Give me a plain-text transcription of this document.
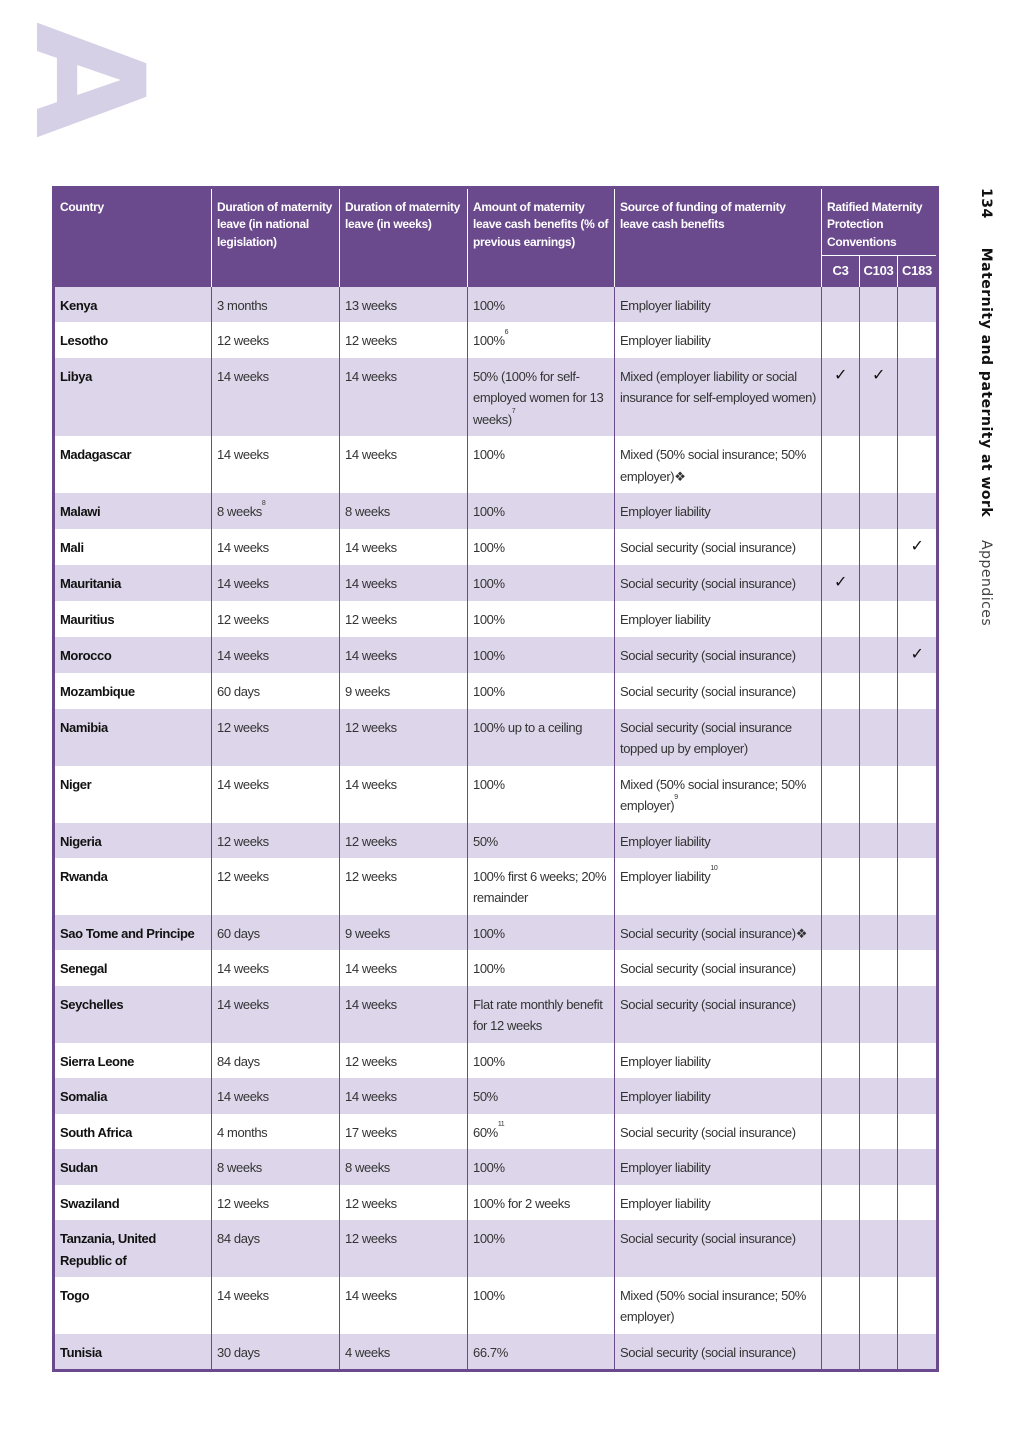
A
134 Maternity and paternity at work Appendices
Country	Duration of maternity leave (in national legislation)	Duration of maternity leave (in weeks)	Amount of maternity leave cash benefits (% of previous earnings)	Source of funding of maternity leave cash benefits	Ratified Maternity Protection Conventions		
					C3	C103	C183
Kenya	3 months	13 weeks	100%	Employer liability			
Lesotho	12 weeks	12 weeks	100%$^6$	Employer liability			
Libya	14 weeks	14 weeks	50% (100% for self-employed women for 13 weeks)$^7$	Mixed (employer liability or social insurance for self-employed women)	✓	✓	
Madagascar	14 weeks	14 weeks	100%	Mixed (50% social insurance; 50% employer)❖			
Malawi	8 weeks$^8$	8 weeks	100%	Employer liability			
Mali	14 weeks	14 weeks	100%	Social security (social insurance)			✓
Mauritania	14 weeks	14 weeks	100%	Social security (social insurance)	✓		
Mauritius	12 weeks	12 weeks	100%	Employer liability			
Morocco	14 weeks	14 weeks	100%	Social security (social insurance)			✓
Mozambique	60 days	9 weeks	100%	Social security (social insurance)			
Namibia	12 weeks	12 weeks	100% up to a ceiling	Social security (social insurance topped up by employer)			
Niger	14 weeks	14 weeks	100%	Mixed (50% social insurance; 50% employer)$^9$			
Nigeria	12 weeks	12 weeks	50%	Employer liability			
Rwanda	12 weeks	12 weeks	100% first 6 weeks; 20% remainder	Employer liability$^{10}$			
Sao Tome and Principe	60 days	9 weeks	100%	Social security (social insurance)❖			
Senegal	14 weeks	14 weeks	100%	Social security (social insurance)			
Seychelles	14 weeks	14 weeks	Flat rate monthly benefit for 12 weeks	Social security (social insurance)			
Sierra Leone	84 days	12 weeks	100%	Employer liability			
Somalia	14 weeks	14 weeks	50%	Employer liability			
South Africa	4 months	17 weeks	60%$^{11}$	Social security (social insurance)			
Sudan	8 weeks	8 weeks	100%	Employer liability			
Swaziland	12 weeks	12 weeks	100% for 2 weeks	Employer liability			
Tanzania, United Republic of	84 days	12 weeks	100%	Social security (social insurance)			
Togo	14 weeks	14 weeks	100%	Mixed (50% social insurance; 50% employer)			
Tunisia	30 days	4 weeks	66.7%	Social security (social insurance)			
